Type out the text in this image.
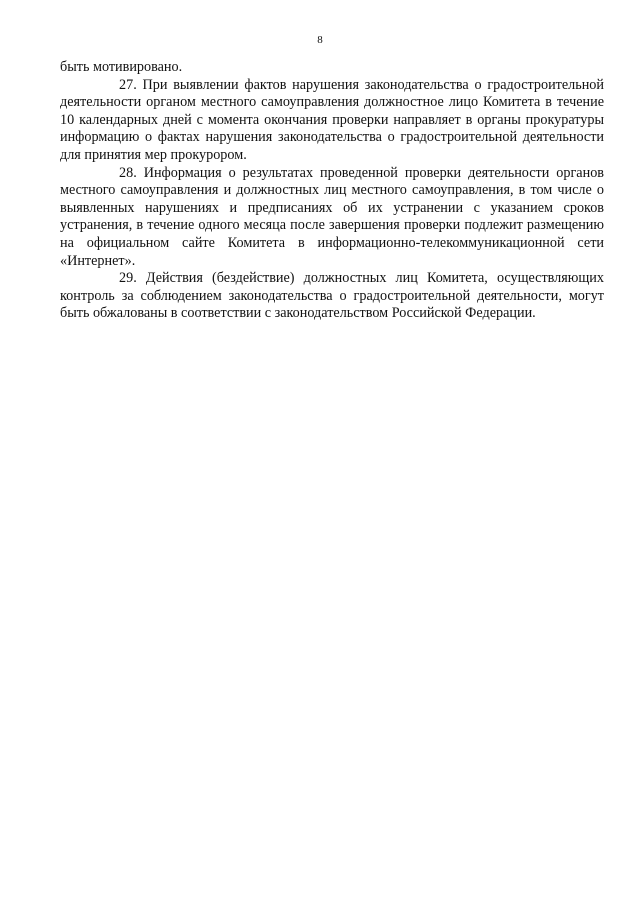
8

быть мотивировано.

27. При выявлении фактов нарушения законодательства о градостроительной деятельности органом местного самоуправления должностное лицо Комитета в течение 10 календарных дней с момента окончания проверки направляет в органы прокуратуры информацию о фактах нарушения законодательства о градостроительной деятельности для принятия мер прокурором.

28. Информация о результатах проведенной проверки деятельности органов местного самоуправления и должностных лиц местного самоуправления, в том числе о выявленных нарушениях и предписаниях об их устранении с указанием сроков устранения, в течение одного месяца после завершения проверки подлежит размещению на официальном сайте Комитета в информационно-телекоммуникационной сети «Интернет».

29. Действия (бездействие) должностных лиц Комитета, осуществляющих контроль за соблюдением законодательства о градостроительной деятельности, могут быть обжалованы в соответствии с законодательством Российской Федерации.
